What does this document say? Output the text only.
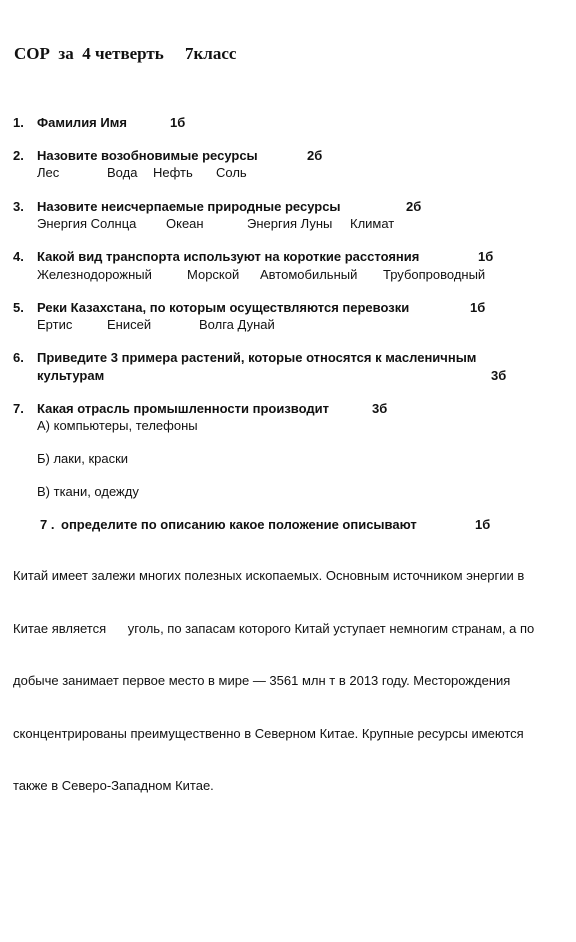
СОР  за  4 четверть     7класс
1. Фамилия Имя	1б
2. Назовите возобновимые ресурсы	2б
Лес	Вода Нефть Соль
3. Назовите неисчерпаемые природные ресурсы	2б
Энергия Солнца Океан	Энергия Луны Климат
4. Какой вид транспорта используют на короткие расстояния	1б
Железнодорожный	Морской Автомобильный Трубопроводный
5. Реки Казахстана, по которым осуществляются перевозки	1б
Ертис	Енисей	Волга Дунай
6. Приведите 3 примера растений, которые относятся к масленичным
культурам	3б
7. Какая отрасль промышленности производит	3б
А) компьютеры, телефоны
Б) лаки, краски
В) ткани, одежду
7 . определите по описанию какое положение описывают	1б

Китай имеет залежи многих полезных ископаемых. Основным источником энергии в

Китае является      уголь, по запасам которого Китай уступает немногим странам, а по

добыче занимает первое место в мире — 3561 млн т в 2013 году. Месторождения

сконцентрированы преимущественно в Северном Китае. Крупные ресурсы имеются

также в Северо-Западном Китае.
